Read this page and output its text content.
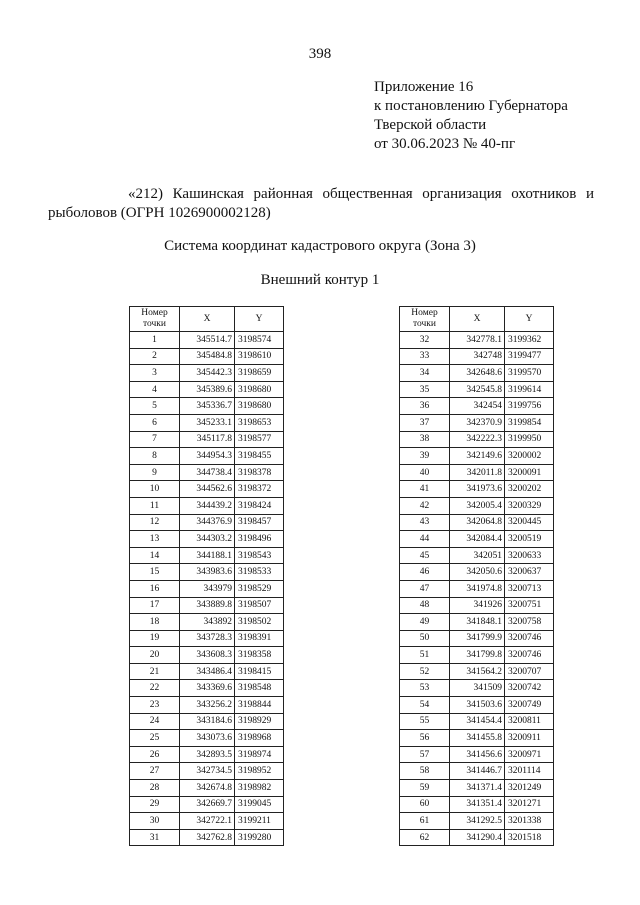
398
Приложение 16
к постановлению Губернатора
Тверской области
от 30.06.2023 № 40-пг
«212) Кашинская районная общественная организация охотников и рыболовов (ОГРН 1026900002128)
Система координат кадастрового округа (Зона 3)
Внешний контур 1
Номер
точки	X	Y
1	345514.7	3198574
2	345484.8	3198610
3	345442.3	3198659
4	345389.6	3198680
5	345336.7	3198680
6	345233.1	3198653
7	345117.8	3198577
8	344954.3	3198455
9	344738.4	3198378
10	344562.6	3198372
11	344439.2	3198424
12	344376.9	3198457
13	344303.2	3198496
14	344188.1	3198543
15	343983.6	3198533
16	343979	3198529
17	343889.8	3198507
18	343892	3198502
19	343728.3	3198391
20	343608.3	3198358
21	343486.4	3198415
22	343369.6	3198548
23	343256.2	3198844
24	343184.6	3198929
25	343073.6	3198968
26	342893.5	3198974
27	342734.5	3198952
28	342674.8	3198982
29	342669.7	3199045
30	342722.1	3199211
31	342762.8	3199280
Номер
точки	X	Y
32	342778.1	3199362
33	342748	3199477
34	342648.6	3199570
35	342545.8	3199614
36	342454	3199756
37	342370.9	3199854
38	342222.3	3199950
39	342149.6	3200002
40	342011.8	3200091
41	341973.6	3200202
42	342005.4	3200329
43	342064.8	3200445
44	342084.4	3200519
45	342051	3200633
46	342050.6	3200637
47	341974.8	3200713
48	341926	3200751
49	341848.1	3200758
50	341799.9	3200746
51	341799.8	3200746
52	341564.2	3200707
53	341509	3200742
54	341503.6	3200749
55	341454.4	3200811
56	341455.8	3200911
57	341456.6	3200971
58	341446.7	3201114
59	341371.4	3201249
60	341351.4	3201271
61	341292.5	3201338
62	341290.4	3201518
